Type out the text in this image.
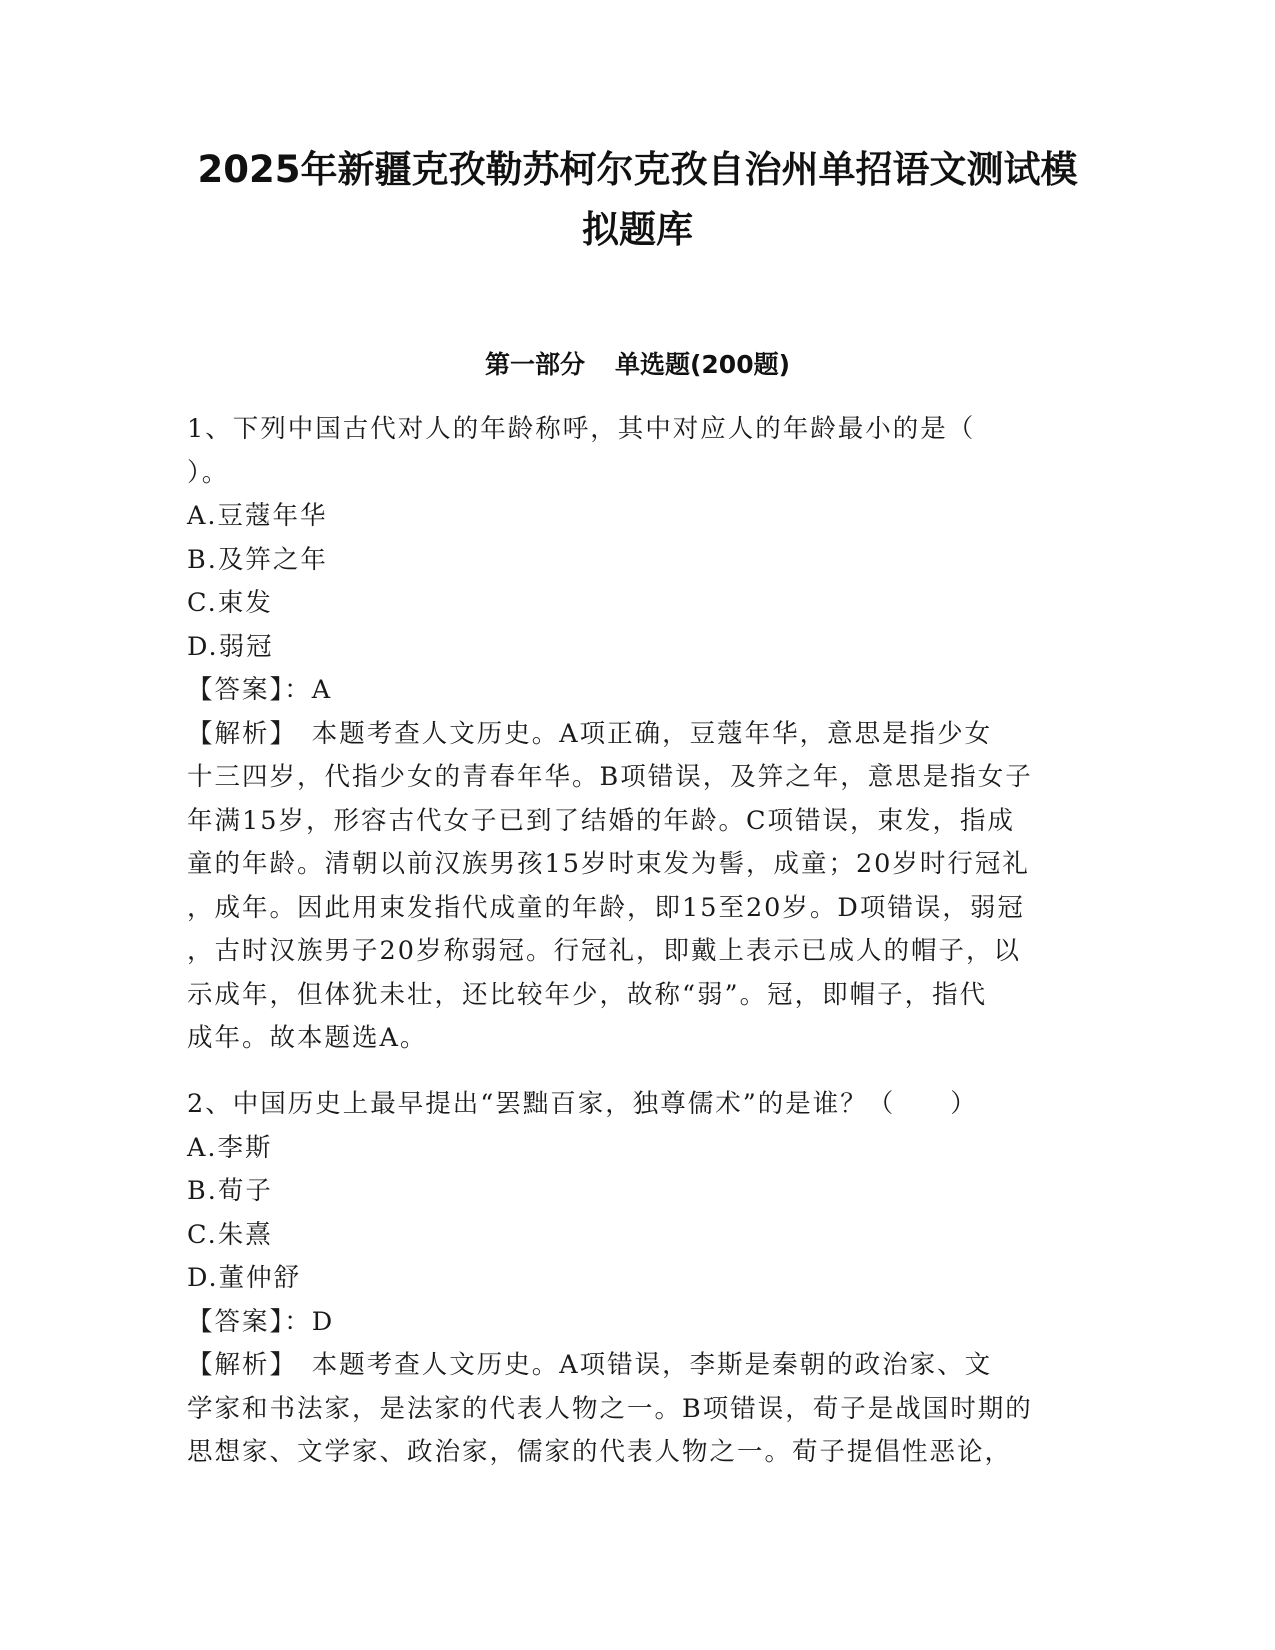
2025年新疆克孜勒苏柯尔克孜自治州单招语文测试模
拟题库
第一部分 单选题(200题)
1、下列中国古代对人的年龄称呼，其中对应人的年龄最小的是（
）。
A.豆蔻年华
B.及笄之年
C.束发
D.弱冠
【答案】：A
【解析】　本题考查人文历史。A项正确，豆蔻年华，意思是指少女
十三四岁，代指少女的青春年华。B项错误，及笄之年，意思是指女子
年满15岁，形容古代女子已到了结婚的年龄。C项错误，束发，指成
童的年龄。清朝以前汉族男孩15岁时束发为髻，成童；20岁时行冠礼
，成年。因此用束发指代成童的年龄，即15至20岁。D项错误，弱冠
，古时汉族男子20岁称弱冠。行冠礼，即戴上表示已成人的帽子，以
示成年，但体犹未壮，还比较年少，故称“弱”。冠，即帽子，指代
成年。故本题选A。
2、中国历史上最早提出“罢黜百家，独尊儒术”的是谁？（　　）
A.李斯
B.荀子
C.朱熹
D.董仲舒
【答案】：D
【解析】　本题考查人文历史。A项错误，李斯是秦朝的政治家、文
学家和书法家，是法家的代表人物之一。B项错误，荀子是战国时期的
思想家、文学家、政治家，儒家的代表人物之一。荀子提倡性恶论，
